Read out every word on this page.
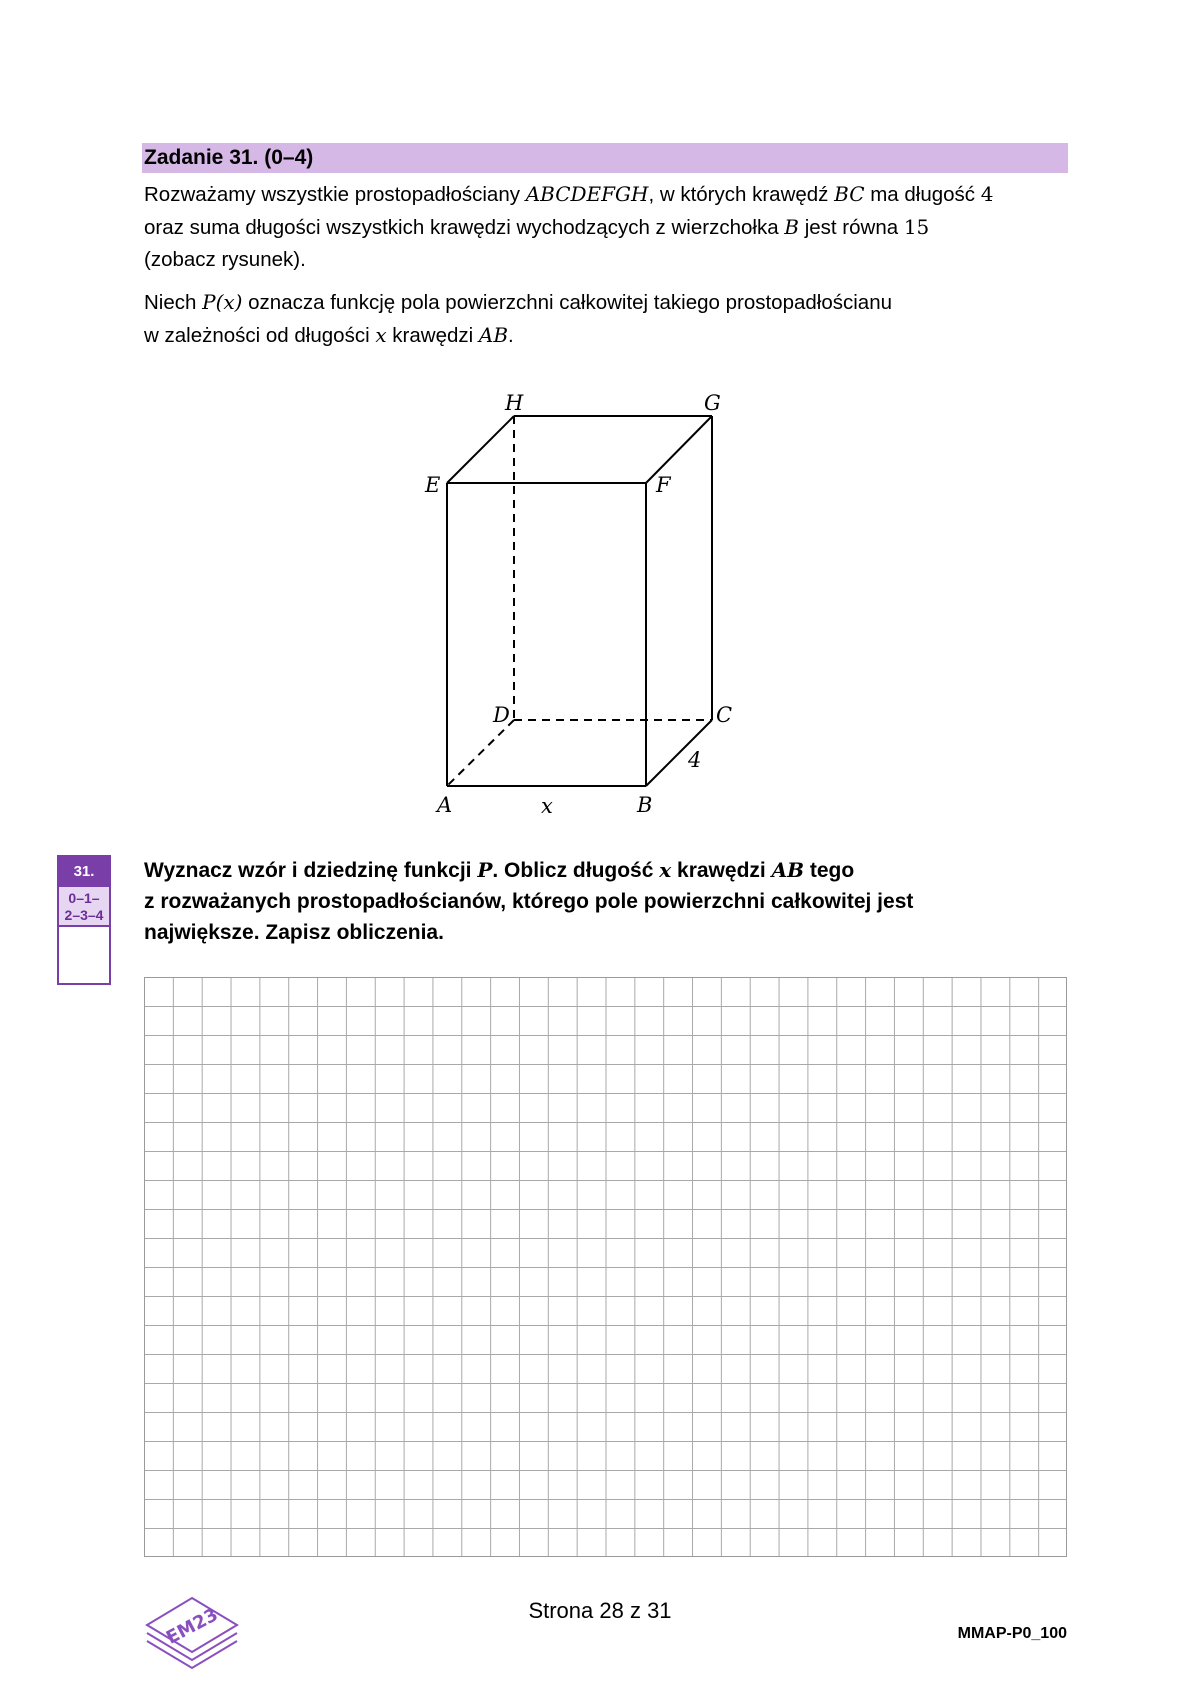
Zadanie 31. (0–4)
Rozważamy wszystkie prostopadłościany ABCDEFGH, w których krawędź BC ma długość 4
oraz suma długości wszystkich krawędzi wychodzących z wierzchołka B jest równa 15
(zobacz rysunek).
Niech P(x) oznacza funkcję pola powierzchni całkowitej takiego prostopadłościanu
w zależności od długości x krawędzi AB.
H	G
E	F
D	C
A	B
4
x
31.
0–1–
2–3–4
Wyznacz wzór i dziedzinę funkcji P. Oblicz długość x krawędzi AB tego
z rozważanych prostopadłościanów, którego pole powierzchni całkowitej jest
największe. Zapisz obliczenia.
EM23	Strona 28 z 31
MMAP-P0_100
